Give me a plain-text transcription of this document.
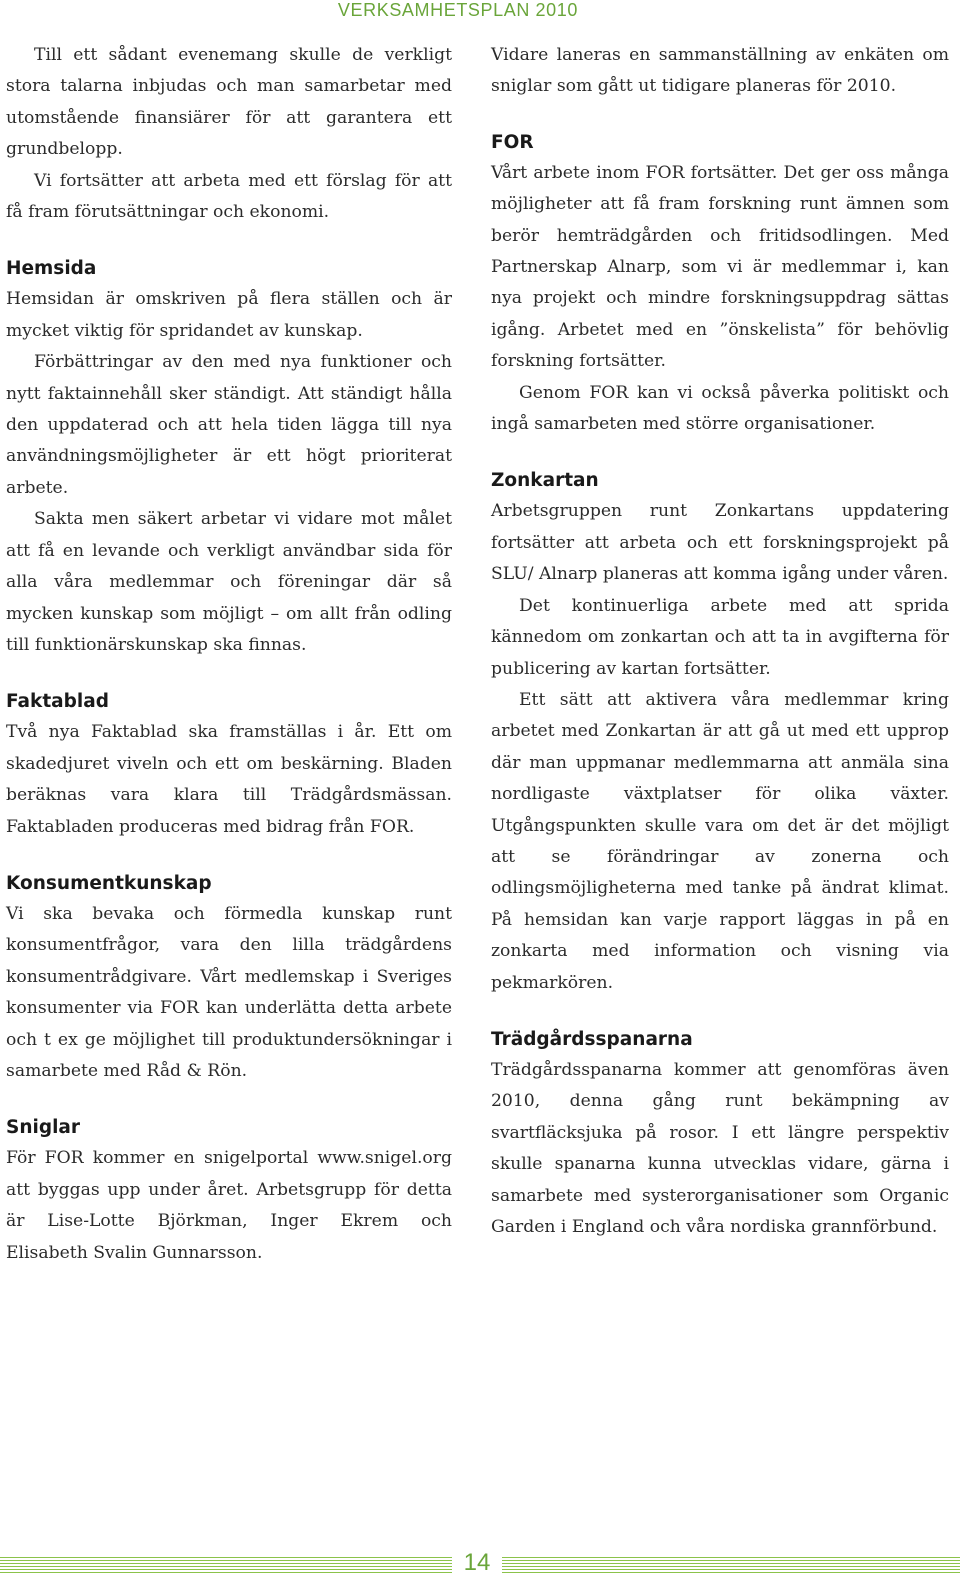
VERKSAMHETSPLAN 2010

Till ett sådant evenemang skulle de verkligt stora talarna inbjudas och man samarbetar med utomstående finansiärer för att garantera ett grundbelopp.

Vi fortsätter att arbeta med ett förslag för att få fram förutsättningar och ekonomi.

Hemsida

Hemsidan är omskriven på flera ställen och är mycket viktig för spridandet av kunskap.

Förbättringar av den med nya funktioner och nytt faktainnehåll sker ständigt. Att ständigt hålla den uppdaterad och att hela tiden lägga till nya användningsmöjligheter är ett högt prioriterat arbete.

Sakta men säkert arbetar vi vidare mot målet att få en levande och verkligt användbar sida för alla våra medlemmar och föreningar där så mycken kunskap som möjligt – om allt från odling till funktionärskunskap ska finnas.

Faktablad

Två nya Faktablad ska framställas i år. Ett om skadedjuret viveln och ett om beskärning. Bladen beräknas vara klara till Trädgårdsmässan. Faktabladen produceras med bidrag från FOR.

Konsumentkunskap

Vi ska bevaka och förmedla kunskap runt konsumentfrågor, vara den lilla trädgårdens konsumentrådgivare. Vårt medlemskap i Sveriges konsumenter via FOR kan underlätta detta arbete och t ex ge möjlighet till produktundersökningar i samarbete med Råd & Rön.

Sniglar

För FOR kommer en snigelportal www.snigel.org att byggas upp under året. Arbetsgrupp för detta är Lise-Lotte Björkman, Inger Ekrem och Elisabeth Svalin Gunnarsson.

Vidare laneras en sammanställning av enkäten om sniglar som gått ut tidigare planeras för 2010.

FOR

Vårt arbete inom FOR fortsätter. Det ger oss många möjligheter att få fram forskning runt ämnen som berör hemträdgården och fritidsodlingen. Med Partnerskap Alnarp, som vi är medlemmar i, kan nya projekt och mindre forskningsuppdrag sättas igång. Arbetet med en ”önskelista” för behövlig forskning fortsätter.

Genom FOR kan vi också påverka politiskt och ingå samarbeten med större organisationer.

Zonkartan

Arbetsgruppen runt Zonkartans uppdatering fortsätter att arbeta och ett forskningsprojekt på SLU/ Alnarp planeras att komma igång under våren.

Det kontinuerliga arbete med att sprida kännedom om zonkartan och att ta in avgifterna för publicering av kartan fortsätter.

Ett sätt att aktivera våra medlemmar kring arbetet med Zonkartan är att gå ut med ett upprop där man uppmanar medlemmarna att anmäla sina nordligaste växtplatser för olika växter. Utgångspunkten skulle vara om det är det möjligt att se förändringar av zonerna och odlingsmöjligheterna med tanke på ändrat klimat. På hemsidan kan varje rapport läggas in på en zonkarta med information och visning via pekmarkören.

Trädgårdsspanarna

Trädgårdsspanarna kommer att genomföras även 2010, denna gång runt bekämpning av svartfläcksjuka på rosor. I ett längre perspektiv skulle spanarna kunna utvecklas vidare, gärna i samarbete med systerorganisationer som Organic Garden i England och våra nordiska grannförbund.

14
